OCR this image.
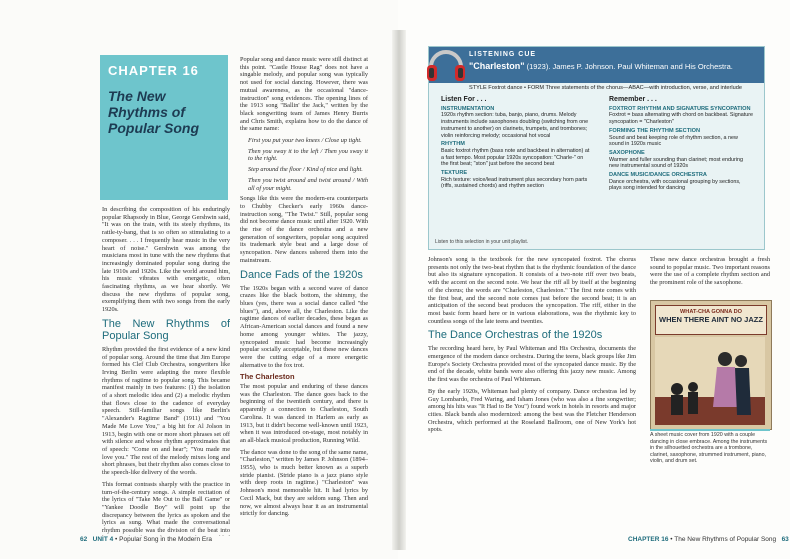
CHAPTER 16
The New Rhythms of Popular Song

In describing the composition of his enduringly popular Rhapsody in Blue, George Gershwin said, "It was on the train, with its steely rhythms, its rattle-ty-bang, that is so often so stimulating to a composer. . . . I frequently hear music in the very heart of noise." Gershwin was among the musicians most in tune with the new rhythms that increasingly dominated popular song during the late 1910s and 1920s. Like the world around him, his music vibrates with energetic, often fascinating rhythms, as we hear shortly. We discuss the new rhythms of popular song, exemplifying them with two songs from the early 1920s.

The New Rhythms of Popular Song

Rhythm provided the first evidence of a new kind of popular song. Around the time that Jim Europe formed his Clef Club Orchestra, songwriters like Irving Berlin were adapting the more flexible rhythms of ragtime to popular song. This became manifest mainly in two features: (1) the isolation of a short melodic idea and (2) a melodic rhythm that flows close to the cadence of everyday speech. Still-familiar songs like Berlin's "Alexander's Ragtime Band" (1911) and "You Made Me Love You," a big hit for Al Jolson in 1913, begin with one or more short phrases set off with silence and whose rhythm approximates that of speech: "Come on and hear"; "You made me love you." The rest of the melody mixes long and short phrases, but their rhythm also comes close to the speech-like delivery of the words.

This format contrasts sharply with the practice in turn-of-the-century songs. A simple recitation of the lyrics of "Take Me Out to the Ball Game" or "Yankee Doodle Boy" will point up the discrepancy between the lyrics as spoken and the lyrics as sung. What made the conversational rhythm possible was the division of the beat into

Popular song and dance music were still distinct at this point. "Castle House Rag" does not have a singable melody, and popular song was typically not used for social dancing. However, there was mutual awareness, as the occasional "dance-instruction" song evidences. The opening lines of the 1913 song "Ballin' the Jack," written by the black songwriting team of James Henry Burris and Chris Smith, explains how to do the dance of the same name:

First you put your two knees / Close up tight.

Then you sway it to the left / Then you sway it to the right.

Step around the floor / Kind of nice and light.

Then you twist around and twist around / With all of your might.

Songs like this were the modern-era counterparts to Chubby Checker's early 1960s dance-instruction song, "The Twist." Still, popular song did not become dance music until after 1920. With the rise of the dance orchestra and a new generation of songwriters, popular song acquired its trademark style beat and a large dose of syncopation. New dances ushered them into the mainstream.

Dance Fads of the 1920s

The 1920s began with a second wave of dance crazes like the black bottom, the shimmy, the blues (yes, there was a social dance called "the blues"), and, above all, the Charleston. Like the ragtime dances of earlier decades, these began as African-American social dances and found a new home among younger whites. The jazzy, syncopated music had become increasingly popular socially acceptable, but these new dances were the cutting edge of a more energetic alternative to the fox trot.

The Charleston

The most popular and enduring of these dances was the Charleston. The dance goes back to the beginning of the twentieth century, and there is apparently a connection to Charleston, South Carolina. It was danced in Harlem as early as 1913, but it didn't become well-known until 1923, when it was introduced on-stage, most notably in an all-black musical production, Running Wild.

The dance was done to the song of the same name, "Charleston," written by James P. Johnson (1894–1955), who is much better known as a superb stride pianist. (Stride piano is a jazz piano style with deep roots in ragtime.) "Charleston" was Johnson's most memorable hit. It had lyrics by Cecil Mack, but they are seldom sung. Then and now, we almost always hear it as an instrumental strictly for dancing.

62 UNIT 4 • Popular Song in the Modern Era
LISTENING CUE
"Charleston" (1923). James P. Johnson. Paul Whiteman and His Orchestra.
STYLE Foxtrot dance • FORM Three statements of the chorus—ABAC—with introduction, verse, and interlude
Listen For . . .
INSTRUMENTATION
1920s rhythm section: tuba, banjo, piano, drums. Melody instruments include saxophones doubling (switching from one instrument to another) on clarinets, trumpets, and trombones; violin reinforcing melody; occasional hot vocal
RHYTHM
Basic foxtrot rhythm (bass note and backbeat in alternation) at a fast tempo. Most popular 1920s syncopation: "Charle-" on the first beat; "ston" just before the second beat
TEXTURE
Rich texture: voice/lead instrument plus secondary horn parts (riffs, sustained chords) and rhythm section
Remember . . .
FOXTROT RHYTHM AND SIGNATURE SYNCOPATION
Foxtrot = bass alternating with chord on backbeat. Signature syncopation = "Charleston"
FORMING THE RHYTHM SECTION
Sound and beat keeping role of rhythm section, a new sound in 1920s music
SAXOPHONE
Warmer and fuller sounding than clarinet; most enduring new instrumental sound of 1920s
DANCE MUSIC/DANCE ORCHESTRA
Dance orchestra, with occasional grouping by sections, plays song intended for dancing
Listen to this selection in your unit playlist.

Johnson's song is the textbook for the new syncopated foxtrot. The chorus presents not only the two-beat rhythm that is the rhythmic foundation of the dance but also its signature syncopation. It consists of a two-note riff over two beats, with the accent on the second note. We hear the riff all by itself at the beginning of the chorus; the words are "Charleston, Charleston." The first note comes with the first beat, and the second note comes just before the second beat; it is an anticipation of the second beat produces the syncopation. The riff, either in the most basic form heard here or in various elaborations, was the rhythmic key to countless songs of the late teens and twenties.

The Dance Orchestras of the 1920s

The recording heard here, by Paul Whiteman and His Orchestra, documents the emergence of the modern dance orchestra. During the teens, black groups like Jim Europe's Society Orchestra provided most of the syncopated dance music. By the end of the decade, white bands were also offering this jazzy new music. Among the first was the orchestra of Paul Whiteman.

By the early 1920s, Whiteman had plenty of company. Dance orchestras led by Guy Lombardo, Fred Waring, and Isham Jones (who was also a fine songwriter; among his hits was "It Had to Be You") found work in hotels in resorts and major cities. Black bands also modernized: among the best was the Fletcher Henderson Orchestra, which performed at the Roseland Ballroom, one of New York's hot spots.

These new dance orchestras brought a fresh sound to popular music. Two important reasons were the use of a complete rhythm section and the prominent role of the saxophone.

WHAT-CHA GONNA DO
WHEN THERE AINT NO JAZZ
A sheet music cover from 1920 with a couple dancing in close embrace. Among the instruments in the silhouetted orchestra are a trombone, clarinet, saxophone, strummed instrument, piano, violin, and drum set.
CHAPTER 16 • The New Rhythms of Popular Song 63
